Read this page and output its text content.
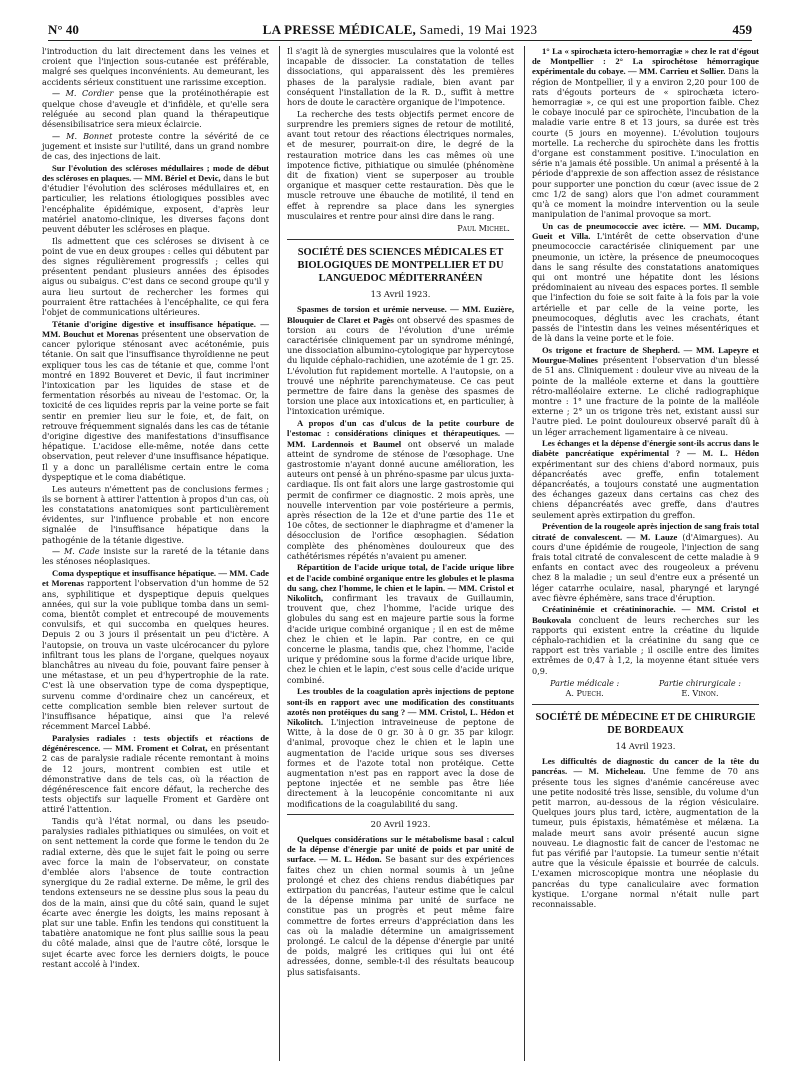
N° 40	LA PRESSE MÉDICALE, Samedi, 19 Mai 1923	459

l'introduction du lait directement dans les veines et croient que l'injection sous-cutanée est préférable, malgré ses quelques inconvénients. Au demeurant, les accidents sérieux constituent une rarissime exception.

— M. Cordier pense que la protéinothérapie est quelque chose d'aveugle et d'infidèle, et qu'elle sera reléguée au second plan quand la thérapeutique désensibilisatrice sera mieux éclaircie.

— M. Bonnet proteste contre la sévérité de ce jugement et insiste sur l'utilité, dans un grand nombre de cas, des injections de lait.

Sur l'évolution des scléroses médullaires ; mode de début des scléroses en plaques. — MM. Bériel et Devic, dans le but d'étudier l'évolution des scléroses médullaires et, en particulier, les relations étiologiques possibles avec l'encéphalite épidémique, exposent, d'après leur matériel anatomo-clinique, les diverses façons dont peuvent débuter les scléroses en plaque.

Ils admettent que ces scléroses se divisent à ce point de vue en deux groupes : celles qui débutent par des signes régulièrement progressifs ; celles qui présentent pendant plusieurs années des épisodes aigus ou subaigus. C'est dans ce second groupe qu'il y aura lieu surtout de rechercher les formes qui pourraient être rattachées à l'encéphalite, ce qui fera l'objet de communications ultérieures.

Tétanie d'origine digestive et insuffisance hépatique. — MM. Bouchut et Morenas présentent une observation de cancer pylorique sténosant avec acétonémie, puis tétanie. On sait que l'insuffisance thyroïdienne ne peut expliquer tous les cas de tétanie et que, comme l'ont montré en 1892 Bouveret et Devic, il faut incriminer l'intoxication par les liquides de stase et de fermentation résorbés au niveau de l'estomac. Or, la toxicité de ces liquides repris par la veine porte se fait sentir en premier lieu sur le foie, et, de fait, on retrouve fréquemment signalés dans les cas de tétanie d'origine digestive des manifestations d'insuffisance hépatique. L'acidose elle-même, notée dans cette observation, peut relever d'une insuffisance hépatique. Il y a donc un parallélisme certain entre le coma dyspeptique et le coma diabétique.

Les auteurs n'émettent pas de conclusions fermes ; ils se bornent à attirer l'attention à propos d'un cas, où les constatations anatomiques sont particulièrement évidentes, sur l'influence probable et non encore signalée de l'insuffisance hépatique dans la pathogénie de la tétanie digestive.

— M. Cade insiste sur la rareté de la tétanie dans les sténoses néoplasiques.

Coma dyspeptique et insuffisance hépatique. — MM. Cade et Morenas rapportent l'observation d'un homme de 52 ans, syphilitique et dyspeptique depuis quelques années, qui sur la voie publique tomba dans un semi-coma, bientôt complet et entrecoupé de mouvements convulsifs, et qui succomba en quelques heures. Depuis 2 ou 3 jours il présentait un peu d'ictère. A l'autopsie, on trouva un vaste ulcérocancer du pylore infiltrant tous les plans de l'organe, quelques noyaux blanchâtres au niveau du foie, pouvant faire penser à une métastase, et un peu d'hypertrophie de la rate. C'est là une observation type de coma dyspeptique, survenu comme d'ordinaire chez un cancéreux, et cette complication semble bien relever surtout de l'insuffisance hépatique, ainsi que l'a relevé récemment Marcel Labbé.

Paralysies radiales : tests objectifs et réactions de dégénérescence. — MM. Froment et Colrat, en présentant 2 cas de paralysie radiale récente remontant à moins de 12 jours, montrent combien est utile et démonstrative dans de tels cas, où la réaction de dégénérescence fait encore défaut, la recherche des tests objectifs sur laquelle Froment et Gardère ont attiré l'attention.

Tandis qu'à l'état normal, ou dans les pseudo-paralysies radiales pithiatiques ou simulées, on voit et on sent nettement la corde que forme le tendon du 2e radial externe, dès que le sujet fait le poing ou serre avec force la main de l'observateur, on constate d'emblée alors l'absence de toute contraction synergique du 2e radial externe. De même, le gril des tendons extenseurs ne se dessine plus sous la peau du dos de la main, ainsi que du côté sain, quand le sujet écarte avec énergie les doigts, les mains reposant à plat sur une table. Enfin les tendons qui constituent la tabatière anatomique ne font plus saillie sous la peau du côté malade, ainsi que de l'autre côté, lorsque le sujet écarte avec force les derniers doigts, le pouce restant accolé à l'index.

Il s'agit là de synergies musculaires que la volonté est incapable de dissocier. La constatation de telles dissociations, qui apparaissent dès les premières phases de la paralysie radiale, bien avant par conséquent l'installation de la R. D., suffit à mettre hors de doute le caractère organique de l'impotence.

La recherche des tests objectifs permet encore de surprendre les premiers signes de retour de motilité, avant tout retour des réactions électriques normales, et de mesurer, pourrait-on dire, le degré de la restauration motrice dans les cas mêmes où une impotence fictive, pithiatique ou simulée (phénomène dit de fixation) vient se superposer au trouble organique et masquer cette restauration. Dès que le muscle retrouve une ébauche de motilité, il tend en effet à reprendre sa place dans les synergies musculaires et rentre pour ainsi dire dans le rang.

Paul Michel.

SOCIÉTÉ DES SCIENCES MÉDICALES ET BIOLOGIQUES DE MONTPELLIER ET DU LANGUEDOC MÉDITERRANÉEN

13 Avril 1923.

Spasmes de torsion et urémie nerveuse. — MM. Euzière, Blouquier de Claret et Pagès ont observé des spasmes de torsion au cours de l'évolution d'une urémie caractérisée cliniquement par un syndrome méningé, une dissociation albumino-cytologique par hypercytose du liquide céphalo-rachidien, une azotémie de 1 gr. 25. L'évolution fut rapidement mortelle. A l'autopsie, on a trouvé une néphrite parenchymateuse. Ce cas peut permettre de faire dans la genèse des spasmes de torsion une place aux intoxications et, en particulier, à l'intoxication urémique.

A propos d'un cas d'ulcus de la petite courbure de l'estomac : considérations cliniques et thérapeutiques. — MM. Lardennois et Baumel ont observé un malade atteint de syndrome de sténose de l'œsophage. Une gastrostomie n'ayant donné aucune amélioration, les auteurs ont pensé à un phréno-spasme par ulcus juxta-cardiaque. Ils ont fait alors une large gastrostomie qui permit de confirmer ce diagnostic. 2 mois après, une nouvelle intervention par voie postérieure a permis, après résection de la 12e et d'une partie des 11e et 10e côtes, de sectionner le diaphragme et d'amener la désocclusion de l'orifice œsophagien. Sédation complète des phénomènes douloureux que des cathétérismes répétés n'avaient pu amener.

Répartition de l'acide urique total, de l'acide urique libre et de l'acide combiné organique entre les globules et le plasma du sang, chez l'homme, le chien et le lapin. — MM. Cristol et Nikolitch, confirmant les travaux de Guillaumin, trouvent que, chez l'homme, l'acide urique des globules du sang est en majeure partie sous la forme d'acide urique combiné organique ; il en est de même chez le chien et le lapin. Par contre, en ce qui concerne le plasma, tandis que, chez l'homme, l'acide urique y prédomine sous la forme d'acide urique libre, chez le chien et le lapin, c'est sous celle d'acide urique combiné.

Les troubles de la coagulation après injections de peptone sont-ils en rapport avec une modification des constituants azotés non protéiques du sang ? — MM. Cristol, L. Hédon et Nikolitch. L'injection intraveineuse de peptone de Witte, à la dose de 0 gr. 30 à 0 gr. 35 par kilogr. d'animal, provoque chez le chien et le lapin une augmentation de l'acide urique sous ses diverses formes et de l'azote total non protéique. Cette augmentation n'est pas en rapport avec la dose de peptone injectée et ne semble pas être liée directement à la leucopénie concomitante ni aux modifications de la coagulabilité du sang.

20 Avril 1923.

Quelques considérations sur le métabolisme basal : calcul de la dépense d'énergie par unité de poids et par unité de surface. — M. L. Hédon. Se basant sur des expériences faites chez un chien normal soumis à un jeûne prolongé et chez des chiens rendus diabétiques par extirpation du pancréas, l'auteur estime que le calcul de la dépense minima par unité de surface ne constitue pas un progrès et peut même faire commettre de fortes erreurs d'appréciation dans les cas où la maladie détermine un amaigrissement prolongé. Le calcul de la dépense d'énergie par unité de poids, malgré les critiques qui lui ont été adressées, donne, semble-t-il des résultats beaucoup plus satisfaisants.

1° La « spirochæta ictero-hemorragiæ » chez le rat d'égout de Montpellier : 2° La spirochétose hémorragique expérimentale du cobaye. — MM. Carrieu et Sollier. Dans la région de Montpellier, il y a environ 2,20 pour 100 de rats d'égouts porteurs de « spirochæta ictero-hemorragiæ », ce qui est une proportion faible. Chez le cobaye inoculé par ce spirochète, l'incubation de la maladie varie entre 8 et 13 jours, sa durée est très courte (5 jours en moyenne). L'évolution toujours mortelle. La recherche du spirochète dans les frottis d'organe est constamment positive. L'inoculation en série n'a jamais été possible. Un animal a présenté à la période d'apprexie de son affection assez de résistance pour supporter une ponction du cœur (avec issue de 2 cmc 1/2 de sang) alors que l'on admet couramment qu'à ce moment la moindre intervention ou la seule manipulation de l'animal provoque sa mort.

Un cas de pneumococcie avec ictère. — MM. Ducamp, Gueit et Villa. L'intérêt de cette observation d'une pneumococcie caractérisée cliniquement par une pneumonie, un ictère, la présence de pneumocoques dans le sang résulte des constatations anatomiques qui ont montré une hépatite dont les lésions prédominaient au niveau des espaces portes. Il semble que l'infection du foie se soit faite à la fois par la voie artérielle et par celle de la veine porte, les pneumocoques, déglutis avec les crachats, étant passés de l'intestin dans les veines mésentériques et de là dans la veine porte et le foie.

Os trigone et fracture de Shepherd. — MM. Lapeyre et Mourgue-Molines présentent l'observation d'un blessé de 51 ans. Cliniquement : douleur vive au niveau de la pointe de la malléole externe et dans la gouttière rétro-malléolaire externe. Le cliché radiographique montre : 1° une fracture de la pointe de la malléole externe ; 2° un os trigone très net, existant aussi sur l'autre pied. Le point douloureux observé paraît dû à un léger arrachement ligamentaire à ce niveau.

Les échanges et la dépense d'énergie sont-ils accrus dans le diabète pancréatique expérimental ? — M. L. Hédon expérimentant sur des chiens d'abord normaux, puis dépancréatés avec greffe, enfin totalement dépancréatés, a toujours constaté une augmentation des échanges gazeux dans certains cas chez des chiens dépancréatés avec greffe, dans d'autres seulement après extirpation du greffon.

Prévention de la rougeole après injection de sang frais total citraté de convalescent. — M. Lauze (d'Aimargues). Au cours d'une épidémie de rougeole, l'injection de sang frais total citraté de convalescent de cette maladie à 9 enfants en contact avec des rougeoleux a prévenu chez 8 la maladie ; un seul d'entre eux a présenté un léger catarrhe oculaire, nasal, pharyngé et laryngé avec fièvre éphémère, sans trace d'éruption.

Créatininémie et créatininorachie. — MM. Cristol et Boukovala concluent de leurs recherches sur les rapports qui existent entre la créatine du liquide céphalo-rachidien et la créatinine du sang que ce rapport est très variable ; il oscille entre des limites extrêmes de 0,47 à 1,2, la moyenne étant située vers 0,9.

Partie médicale :
A. Puech.
Partie chirurgicale :
E. Vinon.

SOCIÉTÉ DE MÉDECINE ET DE CHIRURGIE DE BORDEAUX

14 Avril 1923.

Les difficultés de diagnostic du cancer de la tête du pancréas. — M. Micheleau. Une femme de 70 ans présente tous les signes d'anémie cancéreuse avec une petite nodosité très lisse, sensible, du volume d'un petit marron, au-dessous de la région vésiculaire. Quelques jours plus tard, ictère, augmentation de la tumeur, puis épistaxis, hématémèse et mélæna. La malade meurt sans avoir présenté aucun signe nouveau. Le diagnostic fait de cancer de l'estomac ne fut pas vérifié par l'autopsie. La tumeur sentie n'était autre que la vésicule épaissie et bourrée de calculs. L'examen microscopique montra une néoplasie du pancréas du type canaliculaire avec formation kystique. L'organe normal n'était nulle part reconnaissable.
